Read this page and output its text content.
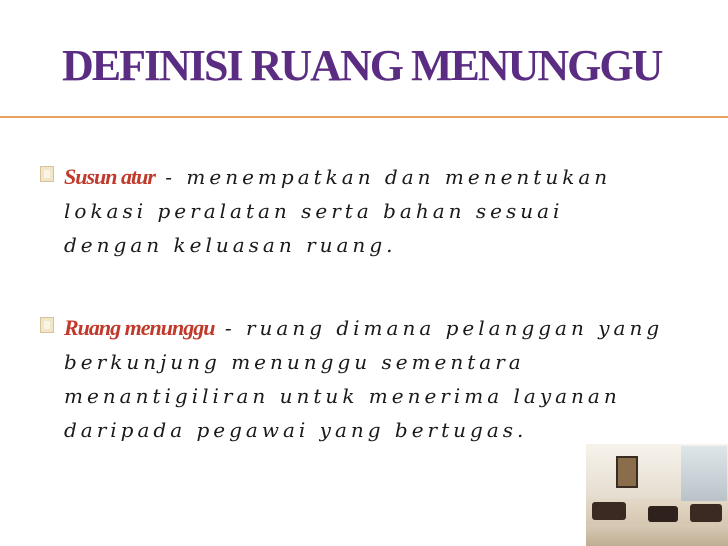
DEFINISI RUANG MENUNGGU
Susun atur - menempatkan dan menentukan lokasi peralatan serta bahan sesuai dengan keluasan ruang.
Ruang menunggu - ruang dimana pelanggan yang berkunjung menunggu sementara menantigiliran untuk menerima layanan daripada pegawai yang bertugas.
